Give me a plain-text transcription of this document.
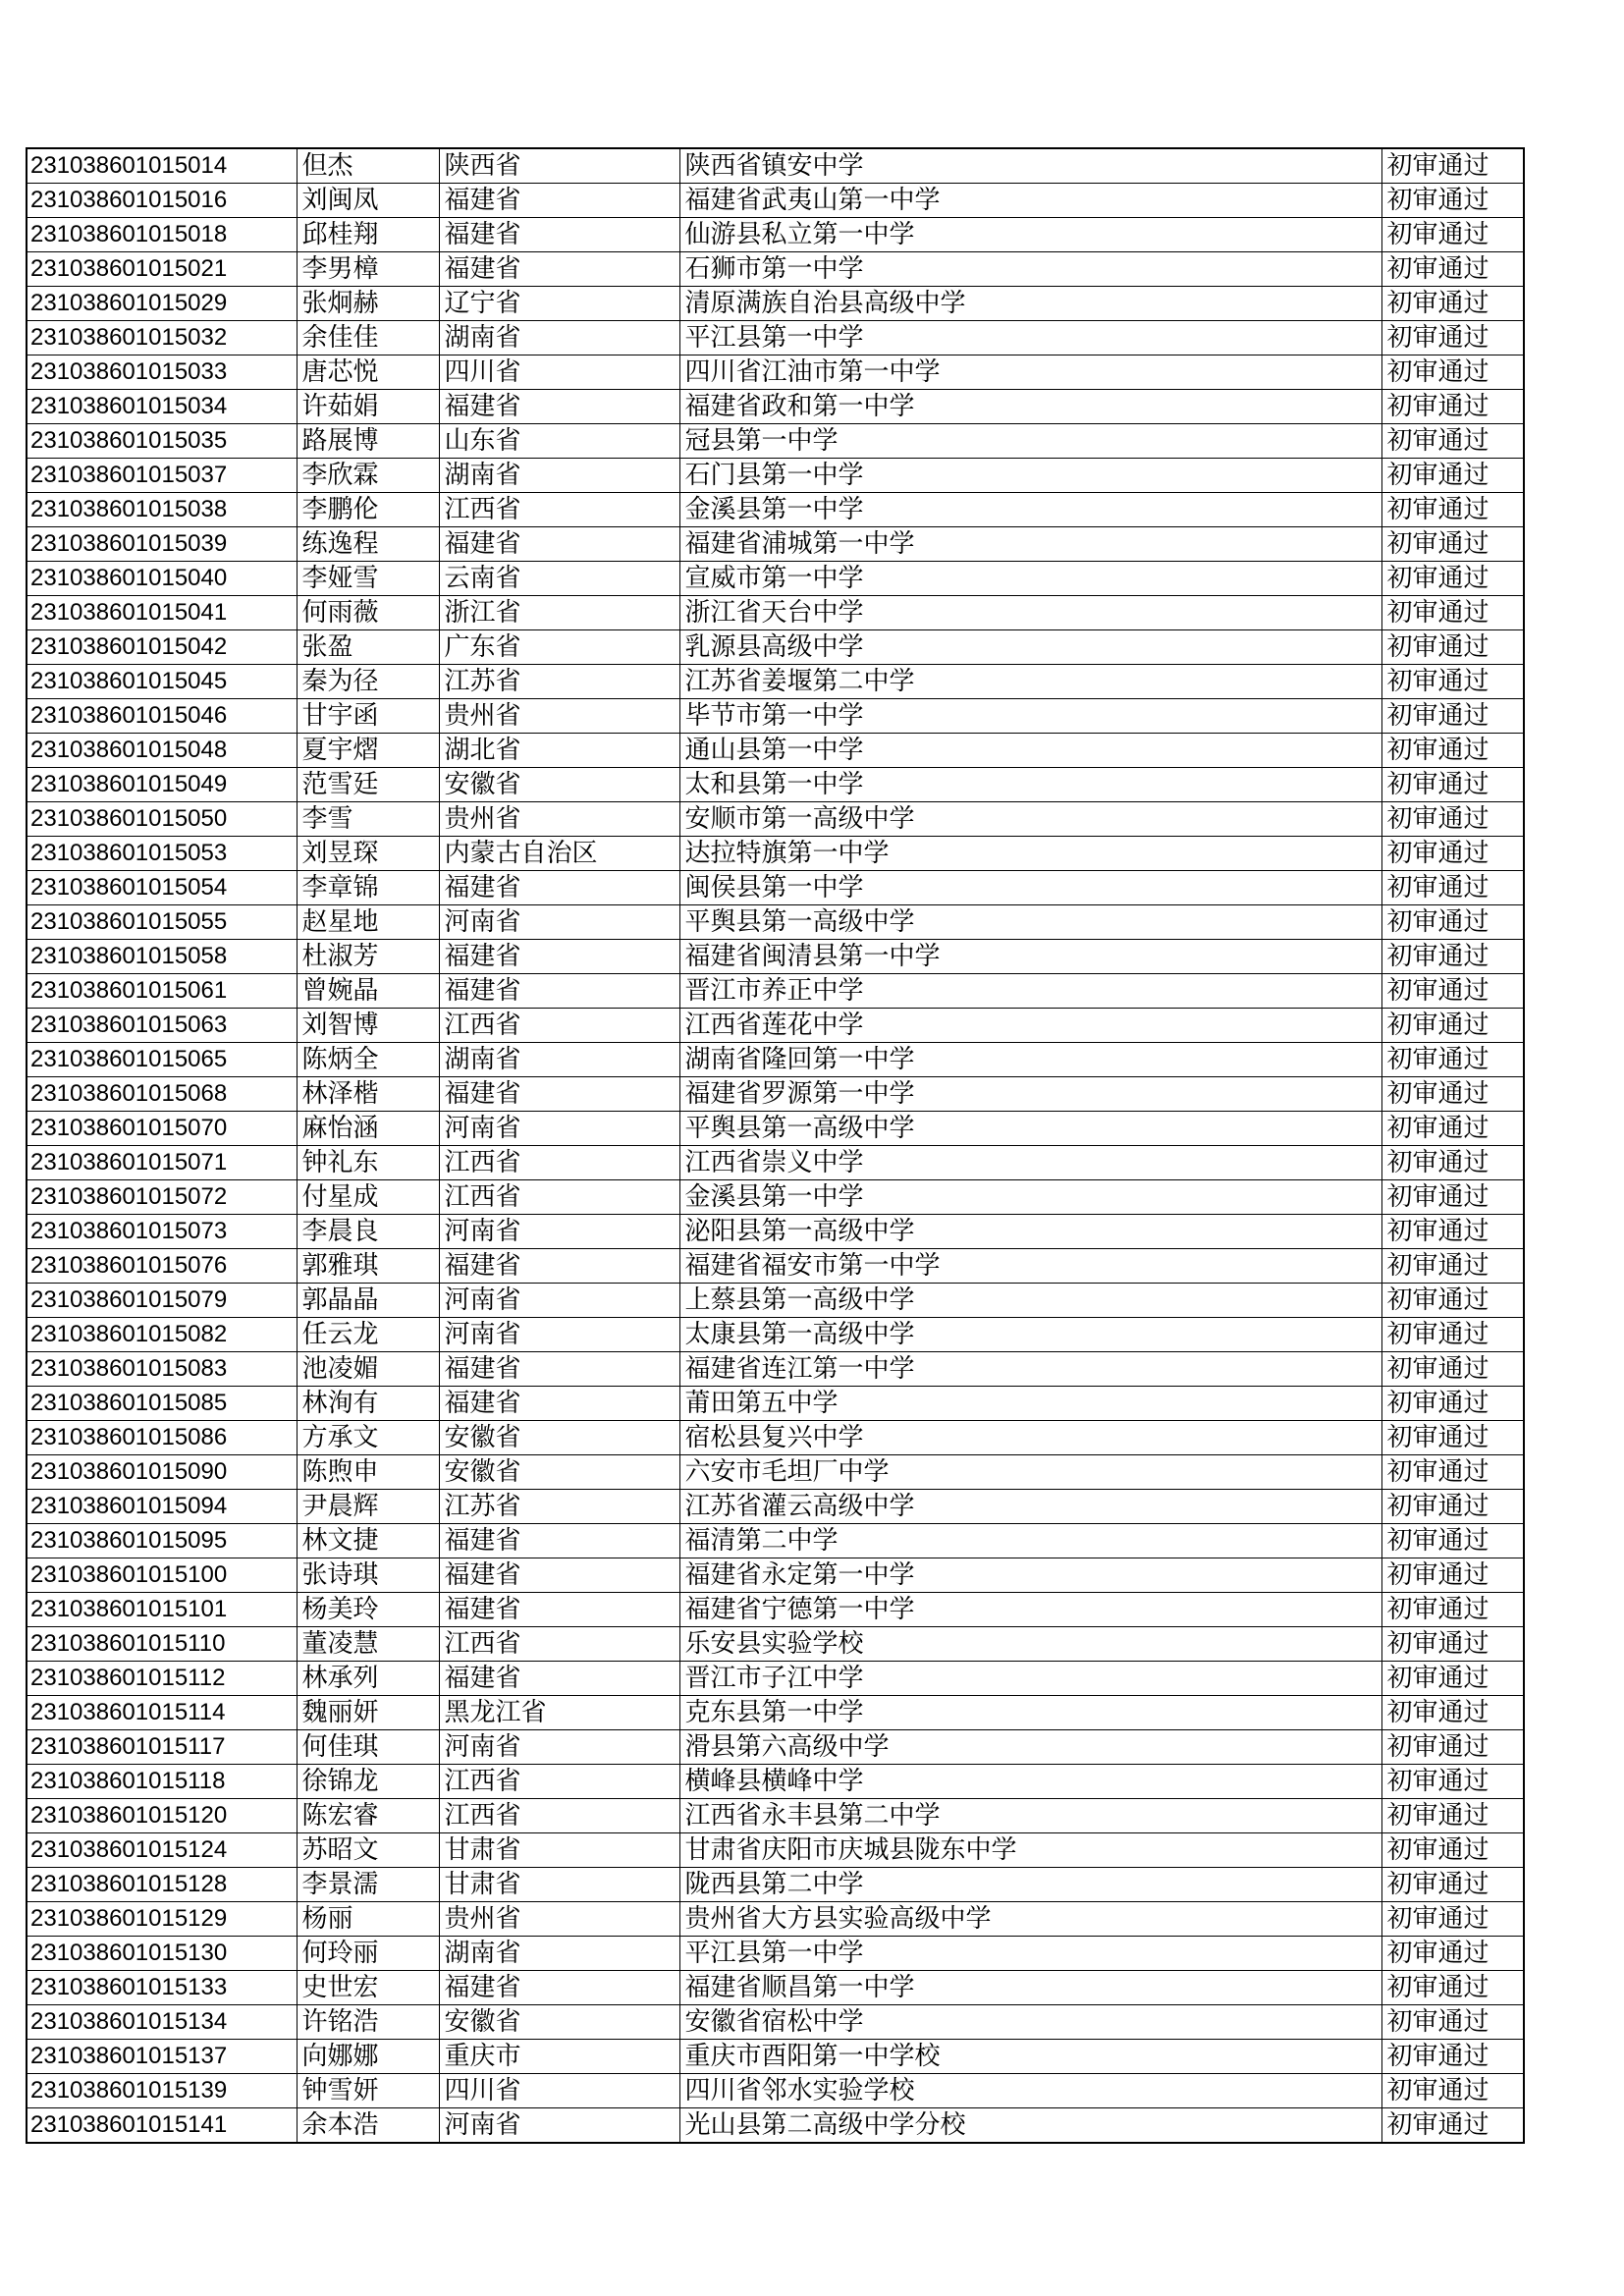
231038601015014	但杰	陕西省	陕西省镇安中学	初审通过
231038601015016	刘闽凤	福建省	福建省武夷山第一中学	初审通过
231038601015018	邱桂翔	福建省	仙游县私立第一中学	初审通过
231038601015021	李男樟	福建省	石狮市第一中学	初审通过
231038601015029	张炯赫	辽宁省	清原满族自治县高级中学	初审通过
231038601015032	余佳佳	湖南省	平江县第一中学	初审通过
231038601015033	唐芯悦	四川省	四川省江油市第一中学	初审通过
231038601015034	许茹娟	福建省	福建省政和第一中学	初审通过
231038601015035	路展博	山东省	冠县第一中学	初审通过
231038601015037	李欣霖	湖南省	石门县第一中学	初审通过
231038601015038	李鹏伦	江西省	金溪县第一中学	初审通过
231038601015039	练逸程	福建省	福建省浦城第一中学	初审通过
231038601015040	李娅雪	云南省	宣威市第一中学	初审通过
231038601015041	何雨薇	浙江省	浙江省天台中学	初审通过
231038601015042	张盈	广东省	乳源县高级中学	初审通过
231038601015045	秦为径	江苏省	江苏省姜堰第二中学	初审通过
231038601015046	甘宇函	贵州省	毕节市第一中学	初审通过
231038601015048	夏宇熠	湖北省	通山县第一中学	初审通过
231038601015049	范雪廷	安徽省	太和县第一中学	初审通过
231038601015050	李雪	贵州省	安顺市第一高级中学	初审通过
231038601015053	刘昱琛	内蒙古自治区	达拉特旗第一中学	初审通过
231038601015054	李章锦	福建省	闽侯县第一中学	初审通过
231038601015055	赵星地	河南省	平舆县第一高级中学	初审通过
231038601015058	杜淑芳	福建省	福建省闽清县第一中学	初审通过
231038601015061	曾婉晶	福建省	晋江市养正中学	初审通过
231038601015063	刘智博	江西省	江西省莲花中学	初审通过
231038601015065	陈炳全	湖南省	湖南省隆回第一中学	初审通过
231038601015068	林泽楷	福建省	福建省罗源第一中学	初审通过
231038601015070	麻怡涵	河南省	平舆县第一高级中学	初审通过
231038601015071	钟礼东	江西省	江西省崇义中学	初审通过
231038601015072	付星成	江西省	金溪县第一中学	初审通过
231038601015073	李晨良	河南省	泌阳县第一高级中学	初审通过
231038601015076	郭雅琪	福建省	福建省福安市第一中学	初审通过
231038601015079	郭晶晶	河南省	上蔡县第一高级中学	初审通过
231038601015082	任云龙	河南省	太康县第一高级中学	初审通过
231038601015083	池凌媚	福建省	福建省连江第一中学	初审通过
231038601015085	林洵有	福建省	莆田第五中学	初审通过
231038601015086	方承文	安徽省	宿松县复兴中学	初审通过
231038601015090	陈煦申	安徽省	六安市毛坦厂中学	初审通过
231038601015094	尹晨辉	江苏省	江苏省灌云高级中学	初审通过
231038601015095	林文捷	福建省	福清第二中学	初审通过
231038601015100	张诗琪	福建省	福建省永定第一中学	初审通过
231038601015101	杨美玲	福建省	福建省宁德第一中学	初审通过
231038601015110	董凌慧	江西省	乐安县实验学校	初审通过
231038601015112	林承列	福建省	晋江市子江中学	初审通过
231038601015114	魏丽妍	黑龙江省	克东县第一中学	初审通过
231038601015117	何佳琪	河南省	滑县第六高级中学	初审通过
231038601015118	徐锦龙	江西省	横峰县横峰中学	初审通过
231038601015120	陈宏睿	江西省	江西省永丰县第二中学	初审通过
231038601015124	苏昭文	甘肃省	甘肃省庆阳市庆城县陇东中学	初审通过
231038601015128	李景濡	甘肃省	陇西县第二中学	初审通过
231038601015129	杨丽	贵州省	贵州省大方县实验高级中学	初审通过
231038601015130	何玲丽	湖南省	平江县第一中学	初审通过
231038601015133	史世宏	福建省	福建省顺昌第一中学	初审通过
231038601015134	许铭浩	安徽省	安徽省宿松中学	初审通过
231038601015137	向娜娜	重庆市	重庆市酉阳第一中学校	初审通过
231038601015139	钟雪妍	四川省	四川省邻水实验学校	初审通过
231038601015141	余本浩	河南省	光山县第二高级中学分校	初审通过
